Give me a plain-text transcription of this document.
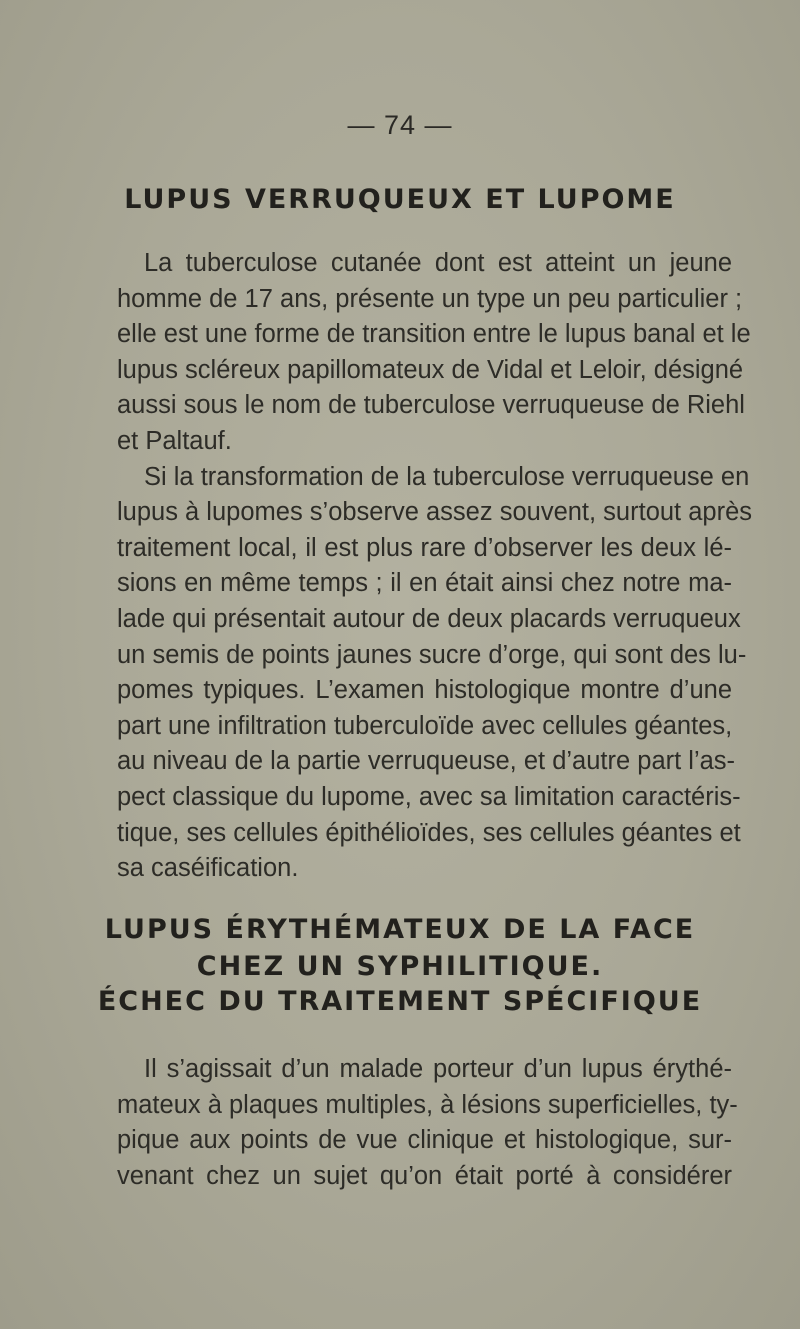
— 74 —
LUPUS VERRUQUEUX ET LUPOME
La tuberculose cutanée dont est atteint un jeune
homme de 17 ans, présente un type un peu particulier ;
elle est une forme de transition entre le lupus banal et le
lupus scléreux papillomateux de Vidal et Leloir, désigné
aussi sous le nom de tuberculose verruqueuse de Riehl
et Paltauf.
Si la transformation de la tuberculose verruqueuse en
lupus à lupomes s’observe assez souvent, surtout après
traitement local, il est plus rare d’observer les deux lé-
sions en même temps ; il en était ainsi chez notre ma-
lade qui présentait autour de deux placards verruqueux
un semis de points jaunes sucre d’orge, qui sont des lu-
pomes typiques. L’examen histologique montre d’une
part une infiltration tuberculoïde avec cellules géantes,
au niveau de la partie verruqueuse, et d’autre part l’as-
pect classique du lupome, avec sa limitation caractéris-
tique, ses cellules épithélioïdes, ses cellules géantes et
sa caséification.
LUPUS ÉRYTHÉMATEUX DE LA FACE
CHEZ UN SYPHILITIQUE.
ÉCHEC DU TRAITEMENT SPÉCIFIQUE
Il s’agissait d’un malade porteur d’un lupus érythé-
mateux à plaques multiples, à lésions superficielles, ty-
pique aux points de vue clinique et histologique, sur-
venant chez un sujet qu’on était porté à considérer
